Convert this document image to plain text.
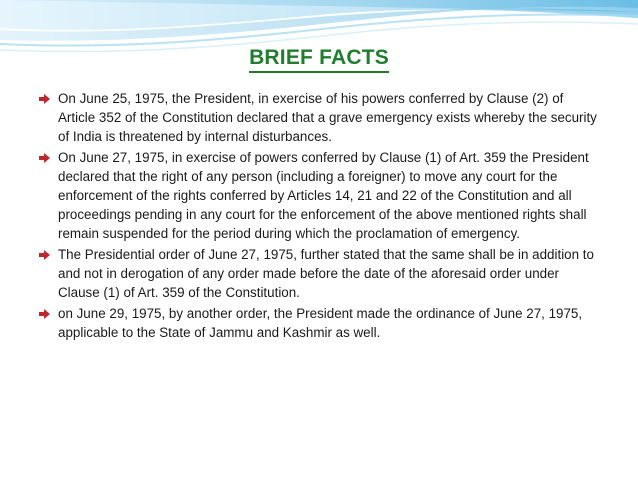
BRIEF FACTS
On June 25, 1975, the President, in exercise of his powers conferred by Clause (2) of Article 352 of the Constitution declared that a grave emergency exists whereby the security of India is threatened by internal disturbances.
On June 27, 1975, in exercise of powers conferred by Clause (1) of Art. 359 the President declared that the right of any person (including a foreigner) to move any court for the enforcement of the rights conferred by Articles 14, 21 and 22 of the Constitution and all proceedings pending in any court for the enforcement of the above mentioned rights shall remain suspended for the period during which the proclamation of emergency.
The Presidential order of June 27, 1975, further stated that the same shall be in addition to and not in derogation of any order made before the date of the aforesaid order under Clause (1) of Art. 359 of the Constitution.
on June 29, 1975, by another order, the President made the ordinance of June 27, 1975, applicable to the State of Jammu and Kashmir as well.
